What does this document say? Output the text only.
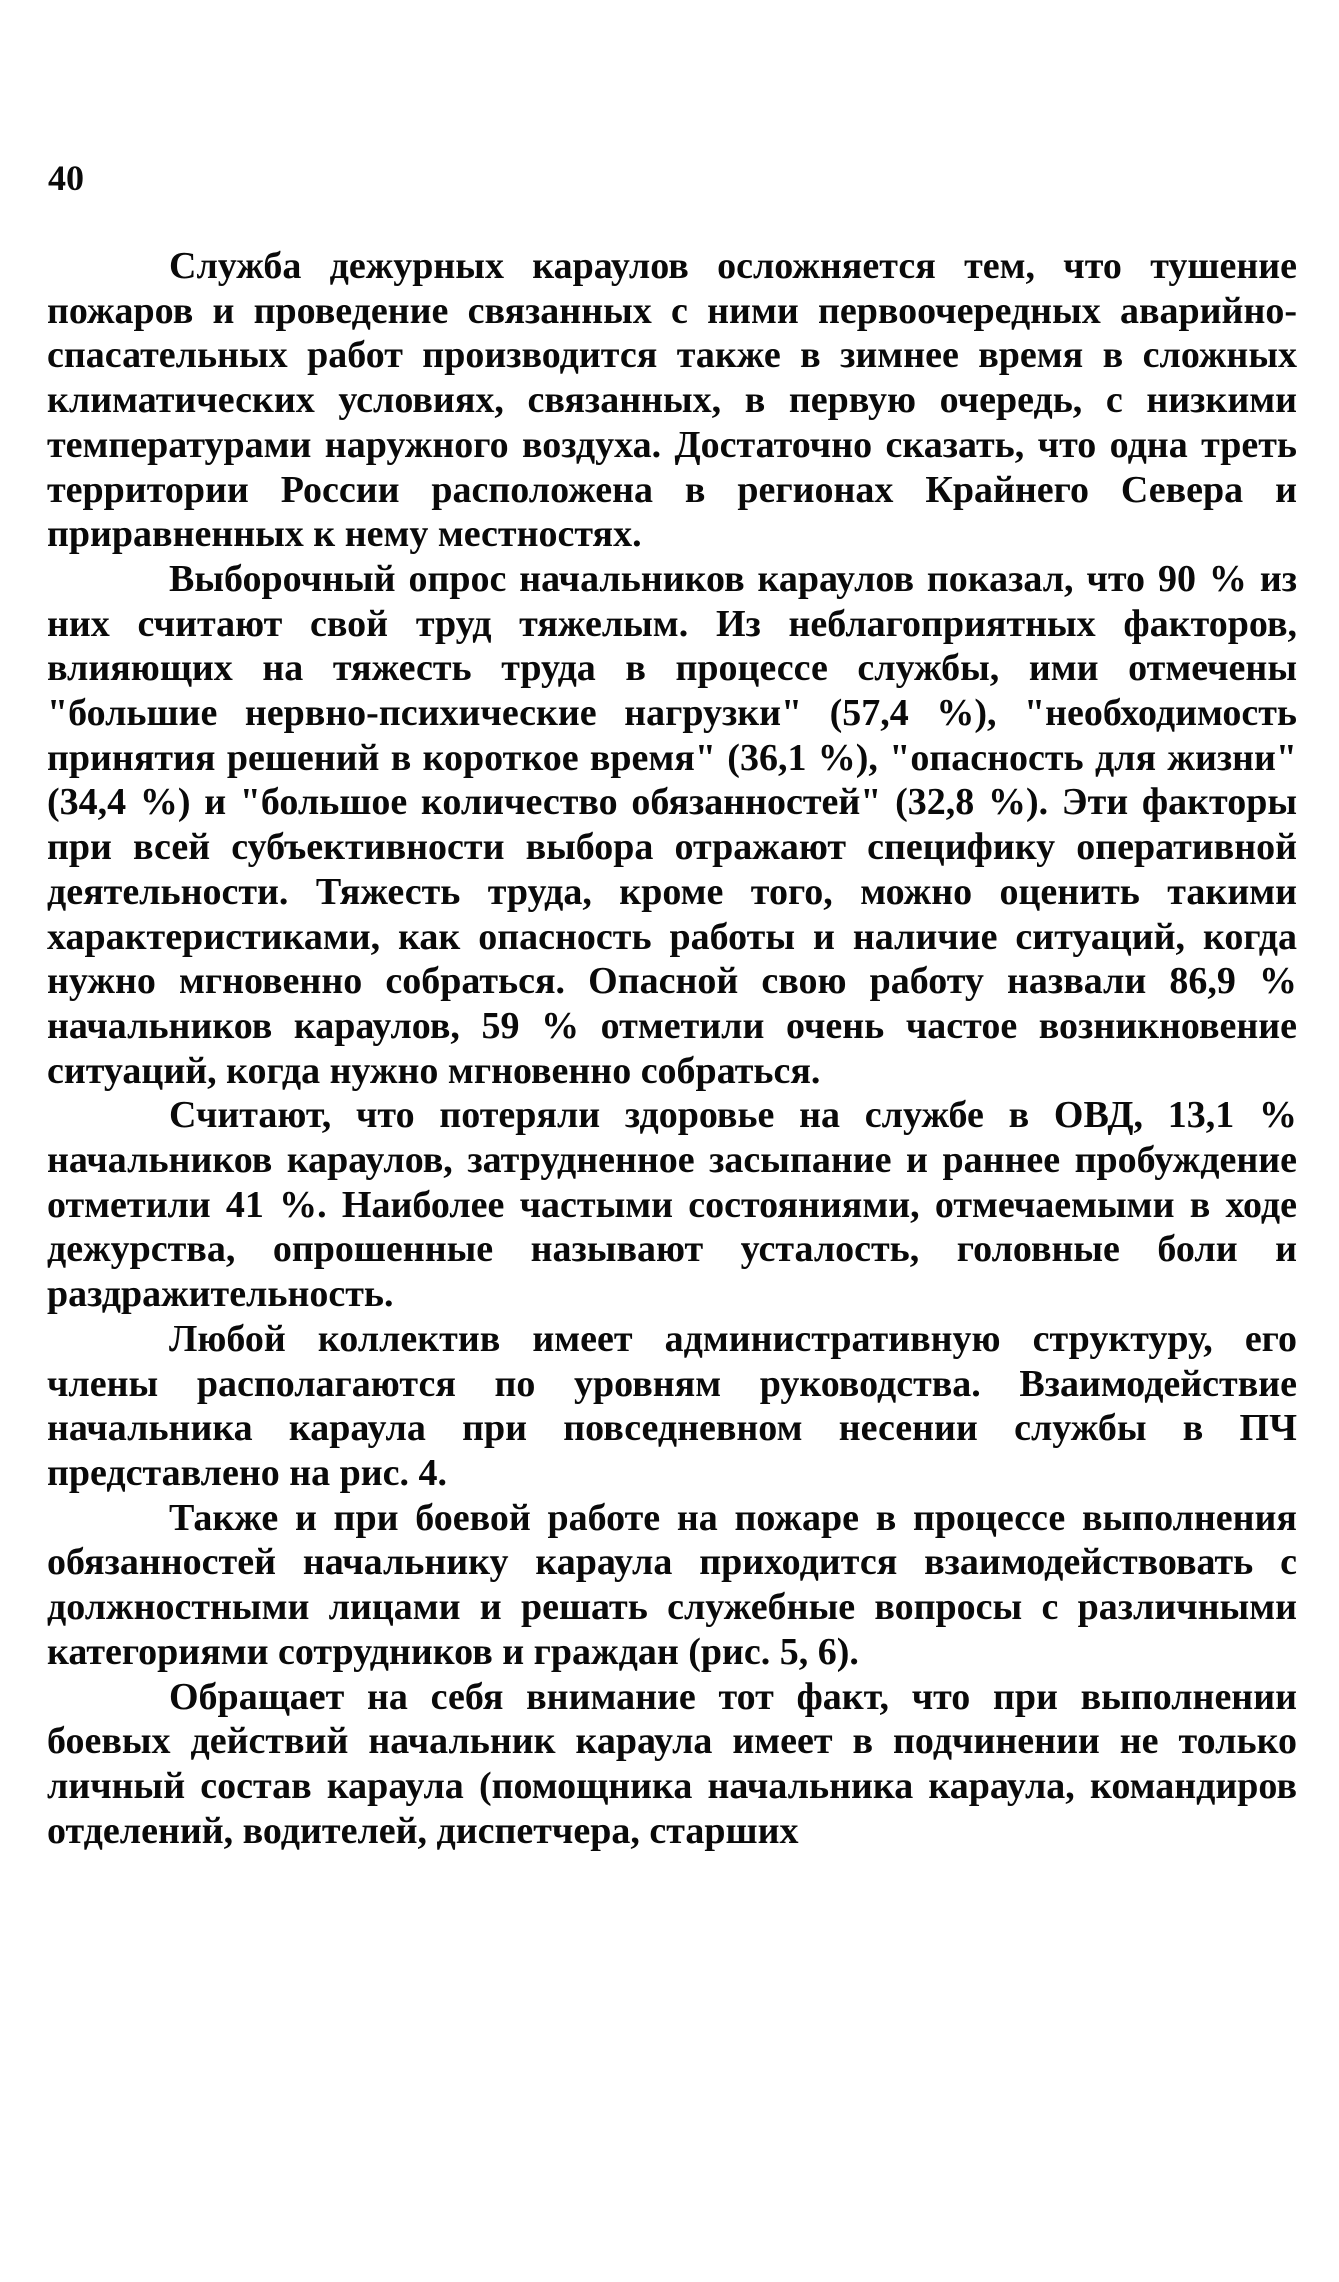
40

Служба дежурных караулов осложняется тем, что тушение пожаров и проведение связанных с ними первоочередных аварийно-спасательных работ производится также в зимнее время в сложных климатических условиях, связанных, в первую очередь, с низкими температурами наружного воздуха. Достаточно сказать, что одна треть территории России расположена в регионах Крайнего Севера и приравненных к нему местностях.

Выборочный опрос начальников караулов показал, что 90 % из них считают свой труд тяжелым. Из неблагоприятных факторов, влияющих на тяжесть труда в процессе службы, ими отмечены "большие нервно-психические нагрузки" (57,4 %), "необходимость принятия решений в короткое время" (36,1 %), "опасность для жизни" (34,4 %) и "большое количество обязанностей" (32,8 %). Эти факторы при всей субъективности выбора отражают специфику оперативной деятельности. Тяжесть труда, кроме того, можно оценить такими характеристиками, как опасность работы и наличие ситуаций, когда нужно мгновенно собраться. Опасной свою работу назвали 86,9 % начальников караулов, 59 % отметили очень частое возникновение ситуаций, когда нужно мгновенно собраться.

Считают, что потеряли здоровье на службе в ОВД, 13,1 % начальников караулов, затрудненное засыпание и раннее пробуждение отметили 41 %. Наиболее частыми состояниями, отмечаемыми в ходе дежурства, опрошенные называют усталость, головные боли и раздражительность.

Любой коллектив имеет административную структуру, его члены располагаются по уровням руководства. Взаимодействие начальника караула при повседневном несении службы в ПЧ представлено на рис. 4.

Также и при боевой работе на пожаре в процессе выполнения обязанностей начальнику караула приходится взаимодействовать с должностными лицами и решать служебные вопросы с различными категориями сотрудников и граждан (рис. 5, 6).

Обращает на себя внимание тот факт, что при выполнении боевых действий начальник караула имеет в подчинении не только личный состав караула (помощника начальника караула, командиров отделений, водителей, диспетчера, старших
